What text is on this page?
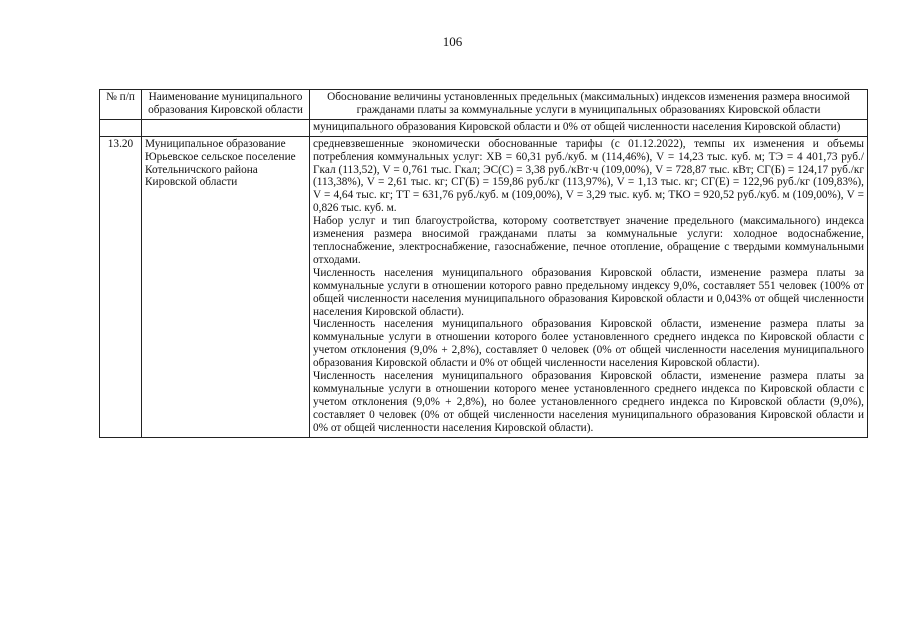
106
№ п/п	Наименование муниципального образования Кировской области	Обоснование величины установленных предельных (максимальных) индексов изменения размера вносимой гражданами платы за коммунальные услуги в муниципальных образованиях Кировской области

		муниципального образования Кировской области и 0% от общей численности населения Кировской области)

13.20	Муниципальное образование Юрьевское сельское поселение Котельничского района Кировской области	средневзвешенные экономически обоснованные тарифы (с 01.12.2022), темпы их изменения и объемы потребления коммунальных услуг: ХВ = 60,31 руб./куб. м (114,46%), V = 14,23 тыс. куб. м; ТЭ = 4 401,73 руб./Гкал (113,52), V = 0,761 тыс. Гкал; ЭС(С) = 3,38 руб./кВт·ч (109,00%), V = 728,87 тыс. кВт; СГ(Б) = 124,17 руб./кг (113,38%), V = 2,61 тыс. кг; СГ(Б) = 159,86 руб./кг (113,97%), V = 1,13 тыс. кг; СГ(Е) = 122,96 руб./кг (109,83%), V = 4,64 тыс. кг; ТТ = 631,76 руб./куб. м (109,00%), V = 3,29 тыс. куб. м; ТКО = 920,52 руб./куб. м (109,00%), V = 0,826 тыс. куб. м.

Набор услуг и тип благоустройства, которому соответствует значение предельного (максимального) индекса изменения размера вносимой гражданами платы за коммунальные услуги: холодное водоснабжение, теплоснабжение, электроснабжение, газоснабжение, печное отопление, обращение с твердыми коммунальными отходами.

Численность населения муниципального образования Кировской области, изменение размера платы за коммунальные услуги в отношении которого равно предельному индексу 9,0%, составляет 551 человек (100% от общей численности населения муниципального образования Кировской области и 0,043% от общей численности населения Кировской области).

Численность населения муниципального образования Кировской области, изменение размера платы за коммунальные услуги в отношении которого более установленного среднего индекса по Кировской области с учетом отклонения (9,0% + 2,8%), составляет 0 человек (0% от общей численности населения муниципального образования Кировской области и 0% от общей численности населения Кировской области).

Численность населения муниципального образования Кировской области, изменение размера платы за коммунальные услуги в отношении которого менее установленного среднего индекса по Кировской области с учетом отклонения (9,0% + 2,8%), но более установленного среднего индекса по Кировской области (9,0%), составляет 0 человек (0% от общей численности населения муниципального образования Кировской области и 0% от общей численности населения Кировской области).
